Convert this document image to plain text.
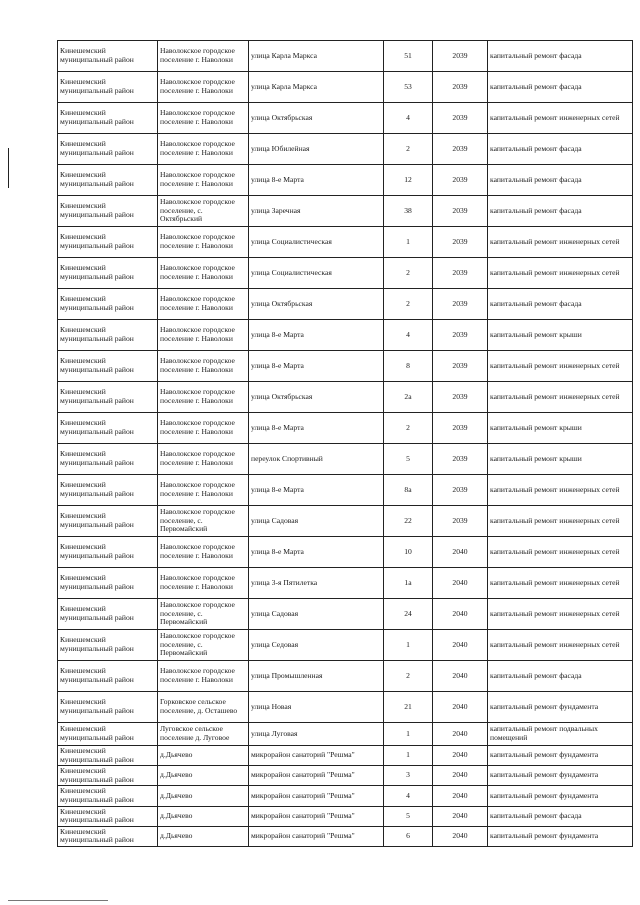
Кинешемский муниципальный район	Наволокское городское поселение г. Наволоки	улица Карла Маркса	51	2039	капитальный ремонт фасада

Кинешемский муниципальный район	Наволокское городское поселение г. Наволоки	улица Карла Маркса	53	2039	капитальный ремонт фасада

Кинешемский муниципальный район	Наволокское городское поселение г. Наволоки	улица Октябрьская	4	2039	капитальный ремонт инженерных сетей

Кинешемский муниципальный район	Наволокское городское поселение г. Наволоки	улица Юбилейная	2	2039	капитальный ремонт фасада

Кинешемский муниципальный район	Наволокское городское поселение г. Наволоки	улица 8-е Марта	12	2039	капитальный ремонт фасада

Кинешемский муниципальный район	Наволокское городское поселение, с. Октябрьский	улица Заречная	38	2039	капитальный ремонт фасада

Кинешемский муниципальный район	Наволокское городское поселение г. Наволоки	улица Социалистическая	1	2039	капитальный ремонт инженерных сетей

Кинешемский муниципальный район	Наволокское городское поселение г. Наволоки	улица Социалистическая	2	2039	капитальный ремонт инженерных сетей

Кинешемский муниципальный район	Наволокское городское поселение г. Наволоки	улица Октябрьская	2	2039	капитальный ремонт фасада

Кинешемский муниципальный район	Наволокское городское поселение г. Наволоки	улица 8-е Марта	4	2039	капитальный ремонт крыши

Кинешемский муниципальный район	Наволокское городское поселение г. Наволоки	улица 8-е Марта	8	2039	капитальный ремонт инженерных сетей

Кинешемский муниципальный район	Наволокское городское поселение г. Наволоки	улица Октябрьская	2а	2039	капитальный ремонт инженерных сетей

Кинешемский муниципальный район	Наволокское городское поселение г. Наволоки	улица 8-е Марта	2	2039	капитальный ремонт крыши

Кинешемский муниципальный район	Наволокское городское поселение г. Наволоки	переулок Спортивный	5	2039	капитальный ремонт крыши

Кинешемский муниципальный район	Наволокское городское поселение г. Наволоки	улица 8-е Марта	8а	2039	капитальный ремонт инженерных сетей

Кинешемский муниципальный район	Наволокское городское поселение, с. Первомайский	улица Садовая	22	2039	капитальный ремонт инженерных сетей

Кинешемский муниципальный район	Наволокское городское поселение г. Наволоки	улица 8-е Марта	10	2040	капитальный ремонт инженерных сетей

Кинешемский муниципальный район	Наволокское городское поселение г. Наволоки	улица 3-я Пятилетка	1а	2040	капитальный ремонт инженерных сетей

Кинешемский муниципальный район	Наволокское городское поселение, с. Первомайский	улица Садовая	24	2040	капитальный ремонт инженерных сетей

Кинешемский муниципальный район	Наволокское городское поселение, с. Первомайский	улица Седовая	1	2040	капитальный ремонт инженерных сетей

Кинешемский муниципальный район	Наволокское городское поселение г. Наволоки	улица Промышленная	2	2040	капитальный ремонт фасада

Кинешемский муниципальный район	Горковское сельское поселение, д. Осташево	улица Новая	21	2040	капитальный ремонт фундамента

Кинешемский муниципальный район	Луговское сельское поселение д. Луговое	улица Луговая	1	2040	капитальный ремонт подвальных помещений

Кинешемский муниципальный район	д.Дьячево	микрорайон санаторий "Решма"	1	2040	капитальный ремонт фундамента

Кинешемский муниципальный район	д.Дьячево	микрорайон санаторий "Решма"	3	2040	капитальный ремонт фундамента

Кинешемский муниципальный район	д.Дьячево	микрорайон санаторий "Решма"	4	2040	капитальный ремонт фундамента

Кинешемский муниципальный район	д.Дьячево	микрорайон санаторий "Решма"	5	2040	капитальный ремонт фасада

Кинешемский муниципальный район	д.Дьячево	микрорайон санаторий "Решма"	6	2040	капитальный ремонт фундамента
